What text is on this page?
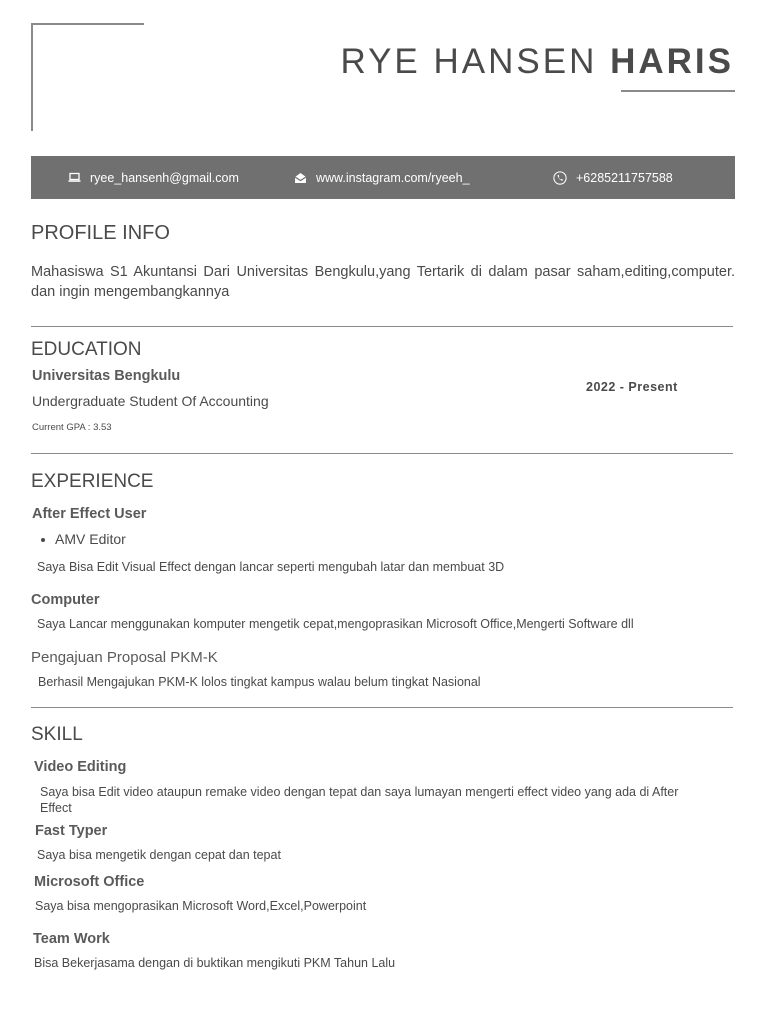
RYE HANSEN HARIS
ryee_hansenh@gmail.com	www.instagram.com/ryeeh_	+6285211757588
PROFILE INFO
Mahasiswa S1 Akuntansi Dari Universitas Bengkulu,yang Tertarik di dalam pasar saham,editing,computer. dan ingin mengembangkannya
EDUCATION
Universitas Bengkulu
Undergraduate Student Of Accounting
Current GPA : 3.53
2022 - Present
EXPERIENCE
After Effect User
AMV Editor
Saya Bisa Edit Visual Effect dengan lancar seperti mengubah latar dan membuat 3D
Computer
Saya Lancar menggunakan komputer mengetik cepat,mengoprasikan Microsoft Office,Mengerti Software dll
Pengajuan Proposal PKM-K
Berhasil Mengajukan PKM-K lolos tingkat kampus walau belum tingkat Nasional
SKILL
Video Editing
Saya bisa Edit video ataupun remake video dengan tepat dan saya lumayan mengerti effect video yang ada di After Effect
Fast Typer
Saya bisa mengetik dengan cepat dan tepat
Microsoft Office
Saya bisa mengoprasikan Microsoft Word,Excel,Powerpoint
Team Work
Bisa Bekerjasama dengan di buktikan mengikuti PKM Tahun Lalu
